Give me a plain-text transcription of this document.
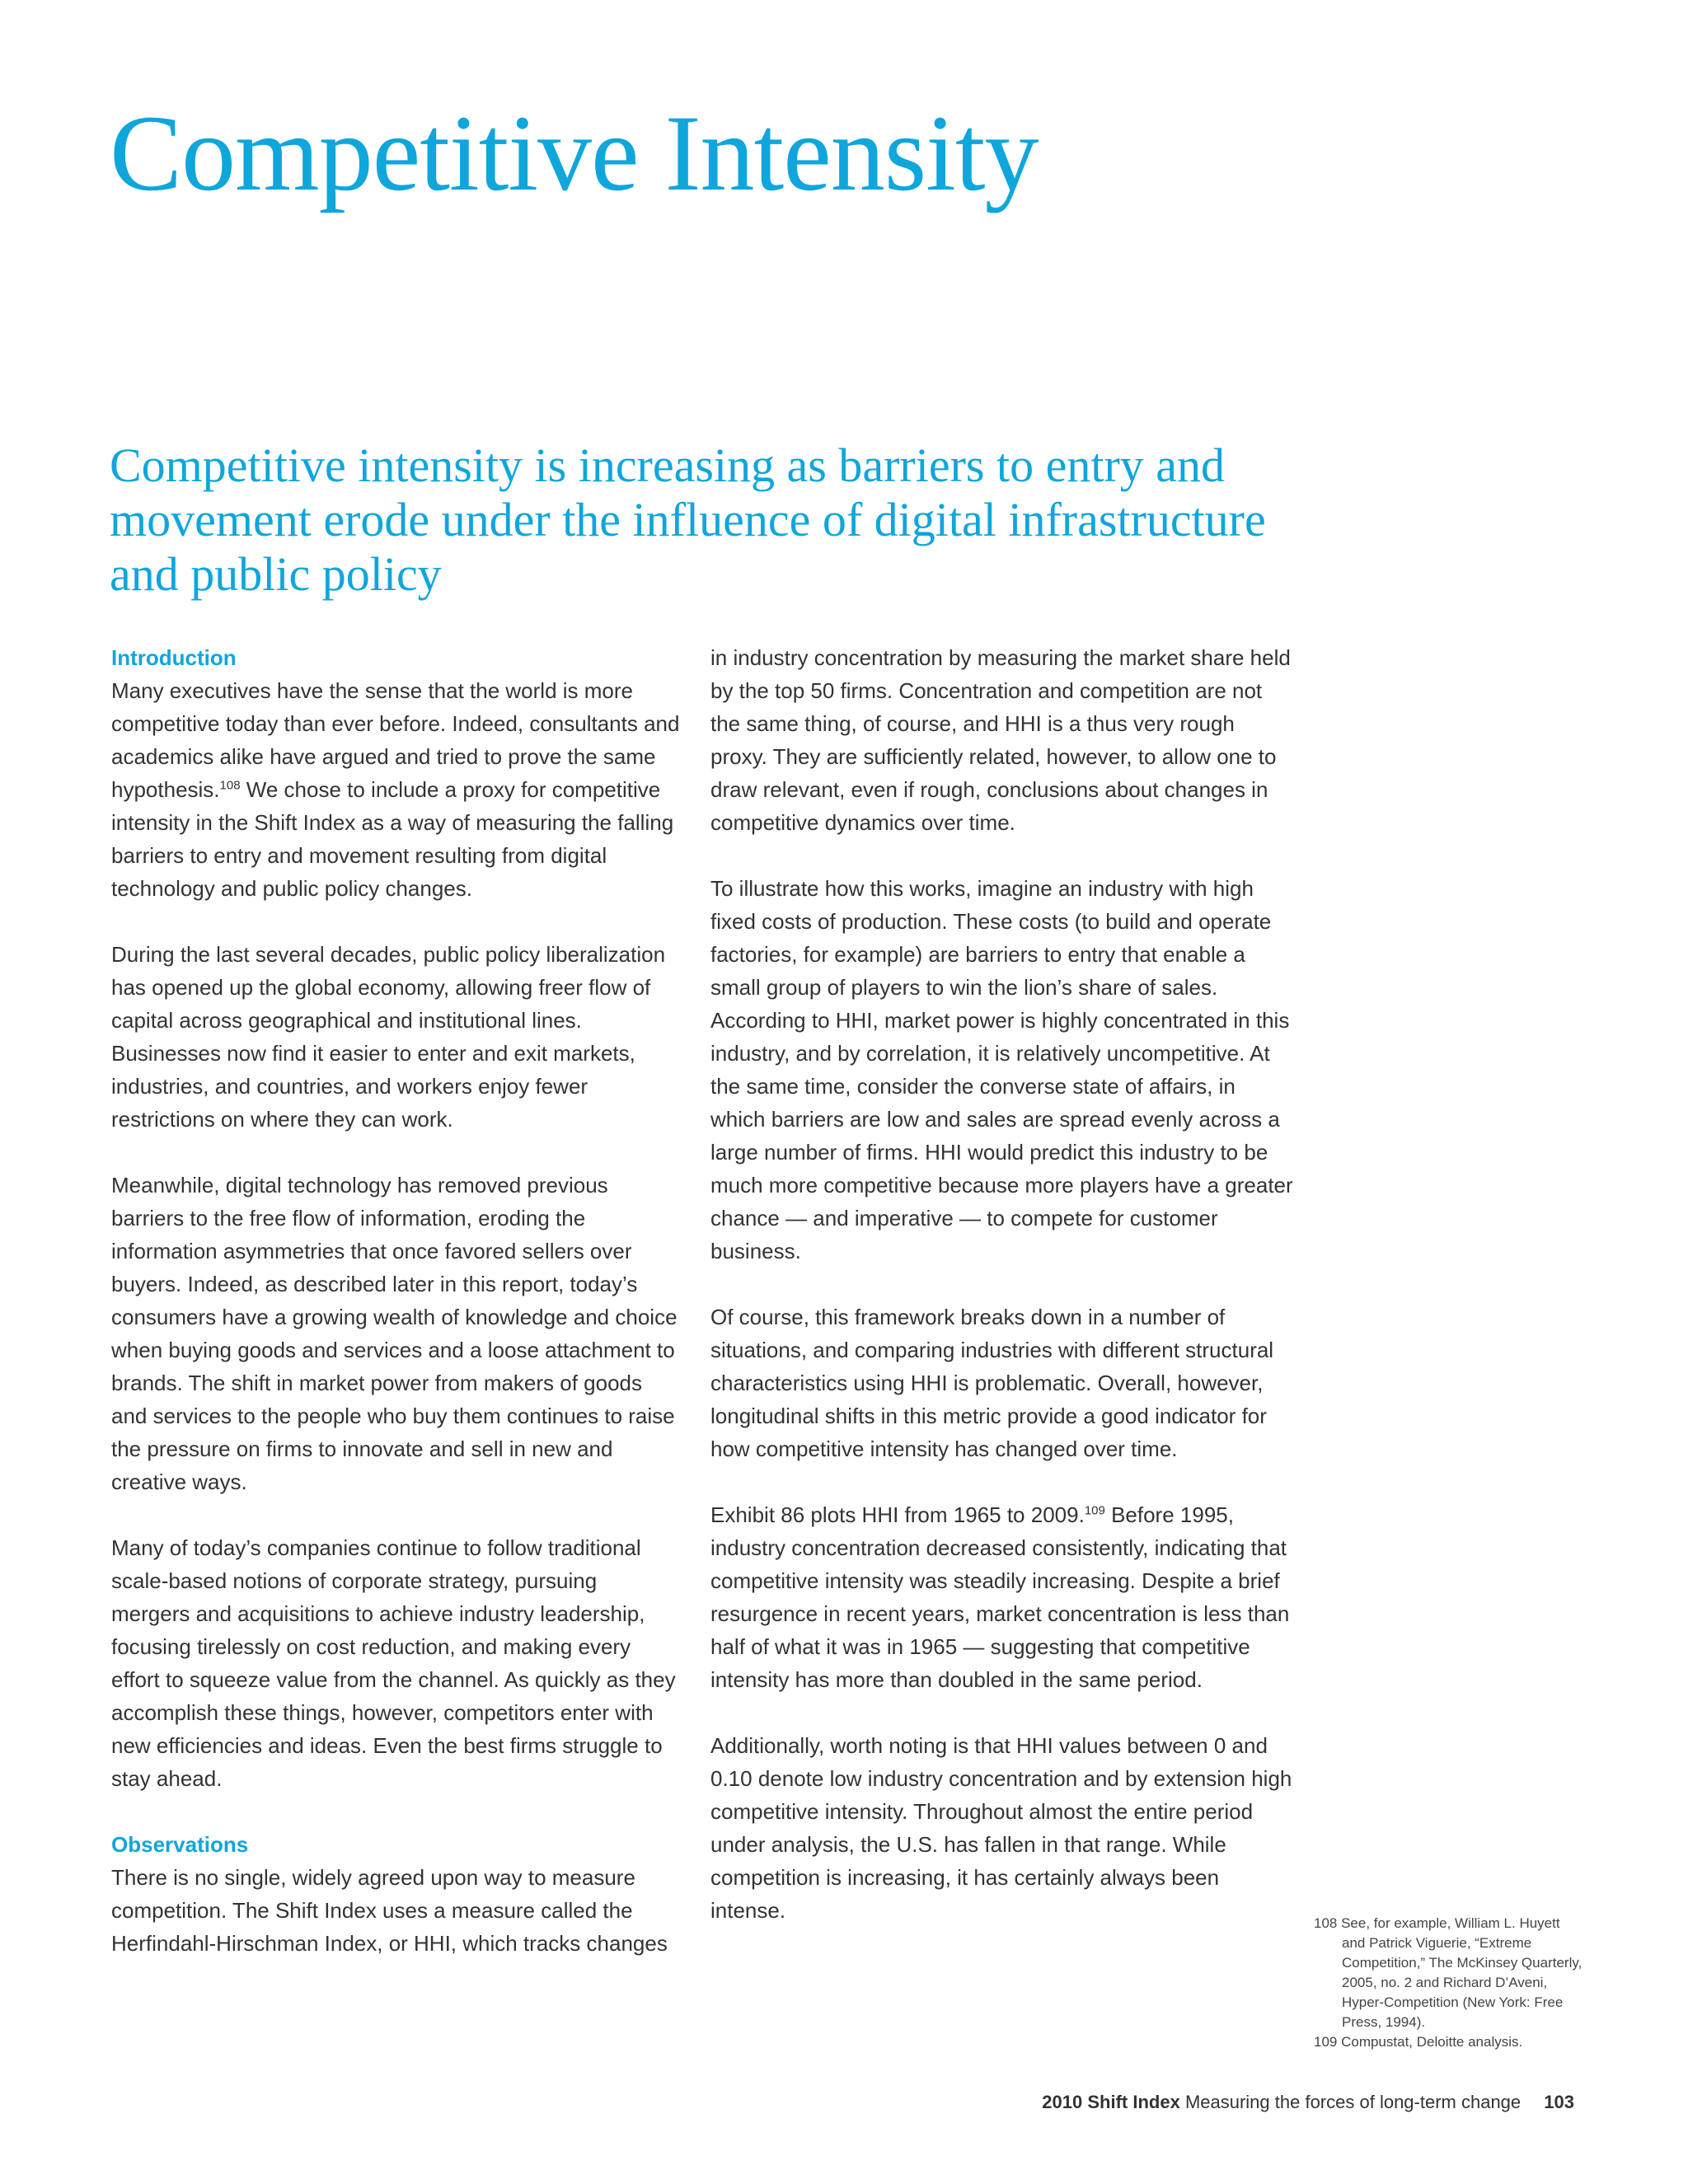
Competitive Intensity
Competitive intensity is increasing as barriers to entry and movement erode under the influence of digital infrastructure and public policy
Introduction

Many executives have the sense that the world is more competitive today than ever before. Indeed, consultants and academics alike have argued and tried to prove the same hypothesis.$^{108}$ We chose to include a proxy for competitive intensity in the Shift Index as a way of measuring the falling barriers to entry and movement resulting from digital technology and public policy changes.

During the last several decades, public policy liberalization has opened up the global economy, allowing freer flow of capital across geographical and institutional lines. Businesses now find it easier to enter and exit markets, industries, and countries, and workers enjoy fewer restrictions on where they can work.

Meanwhile, digital technology has removed previous barriers to the free flow of information, eroding the information asymmetries that once favored sellers over buyers. Indeed, as described later in this report, today’s consumers have a growing wealth of knowledge and choice when buying goods and services and a loose attachment to brands. The shift in market power from makers of goods and services to the people who buy them continues to raise the pressure on firms to innovate and sell in new and creative ways.

Many of today’s companies continue to follow traditional scale-based notions of corporate strategy, pursuing mergers and acquisitions to achieve industry leadership, focusing tirelessly on cost reduction, and making every effort to squeeze value from the channel. As quickly as they accomplish these things, however, competitors enter with new efficiencies and ideas. Even the best firms struggle to stay ahead.

Observations

There is no single, widely agreed upon way to measure competition. The Shift Index uses a measure called the Herfindahl-Hirschman Index, or HHI, which tracks changes

in industry concentration by measuring the market share held by the top 50 firms. Concentration and competition are not the same thing, of course, and HHI is a thus very rough proxy. They are sufficiently related, however, to allow one to draw relevant, even if rough, conclusions about changes in competitive dynamics over time.

To illustrate how this works, imagine an industry with high fixed costs of production. These costs (to build and operate factories, for example) are barriers to entry that enable a small group of players to win the lion’s share of sales. According to HHI, market power is highly concentrated in this industry, and by correlation, it is relatively uncompetitive. At the same time, consider the converse state of affairs, in which barriers are low and sales are spread evenly across a large number of firms. HHI would predict this industry to be much more competitive because more players have a greater chance — and imperative — to compete for customer business.

Of course, this framework breaks down in a number of situations, and comparing industries with different structural characteristics using HHI is problematic. Overall, however, longitudinal shifts in this metric provide a good indicator for how competitive intensity has changed over time.

Exhibit 86 plots HHI from 1965 to 2009.$^{109}$ Before 1995, industry concentration decreased consistently, indicating that competitive intensity was steadily increasing. Despite a brief resurgence in recent years, market concentration is less than half of what it was in 1965 — suggesting that competitive intensity has more than doubled in the same period.

Additionally, worth noting is that HHI values between 0 and 0.10 denote low industry concentration and by extension high competitive intensity. Throughout almost the entire period under analysis, the U.S. has fallen in that range. While competition is increasing, it has certainly always been intense.

108 See, for example, William L. Huyett and Patrick Viguerie, “Extreme Competition,” The McKinsey Quarterly, 2005, no. 2 and Richard D’Aveni, Hyper-Competition (New York: Free Press, 1994).

109 Compustat, Deloitte analysis.

2010 Shift Index Measuring the forces of long-term change 103
